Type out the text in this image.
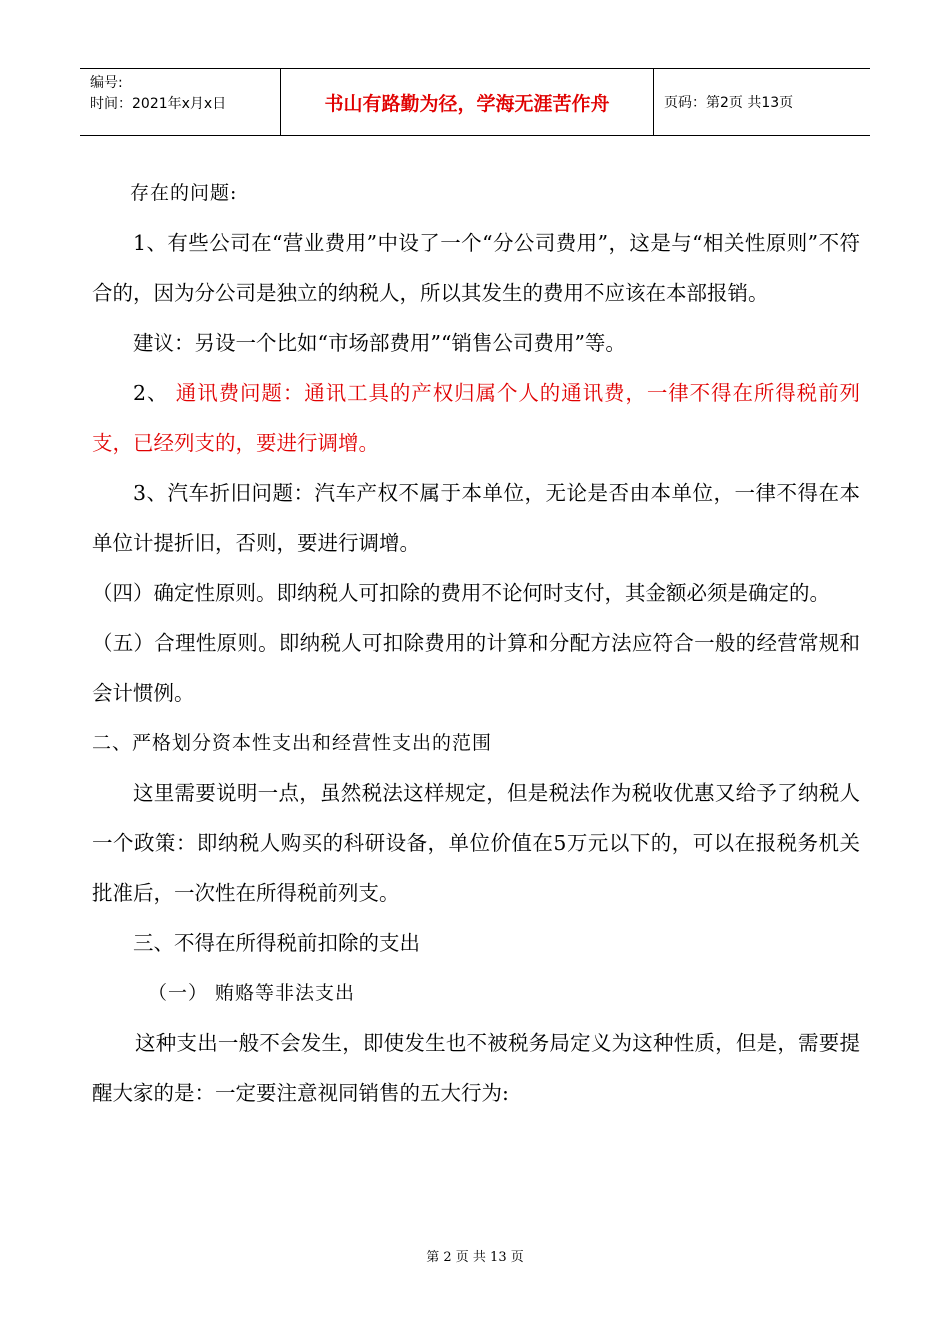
编号:
时间：2021年x月x日	书山有路勤为径，学海无涯苦作舟	页码：第2页 共13页

存在的问题:

1、有些公司在“营业费用”中设了一个“分公司费用”，这是与“相关性原则”不符合的，因为分公司是独立的纳税人，所以其发生的费用不应该在本部报销。

建议：另设一个比如“市场部费用”“销售公司费用”等。

2、 通讯费问题：通讯工具的产权归属个人的通讯费，一律不得在所得税前列支，已经列支的，要进行调增。

3、汽车折旧问题：汽车产权不属于本单位，无论是否由本单位，一律不得在本单位计提折旧，否则，要进行调增。

（四）确定性原则。即纳税人可扣除的费用不论何时支付，其金额必须是确定的。

（五）合理性原则。即纳税人可扣除费用的计算和分配方法应符合一般的经营常规和会计惯例。

二、严格划分资本性支出和经营性支出的范围

这里需要说明一点，虽然税法这样规定，但是税法作为税收优惠又给予了纳税人一个政策：即纳税人购买的科研设备，单位价值在5万元以下的，可以在报税务机关批准后，一次性在所得税前列支。

三、不得在所得税前扣除的支出

（一） 贿赂等非法支出

这种支出一般不会发生，即使发生也不被税务局定义为这种性质，但是，需要提醒大家的是：一定要注意视同销售的五大行为:

第 2 页 共 13 页
